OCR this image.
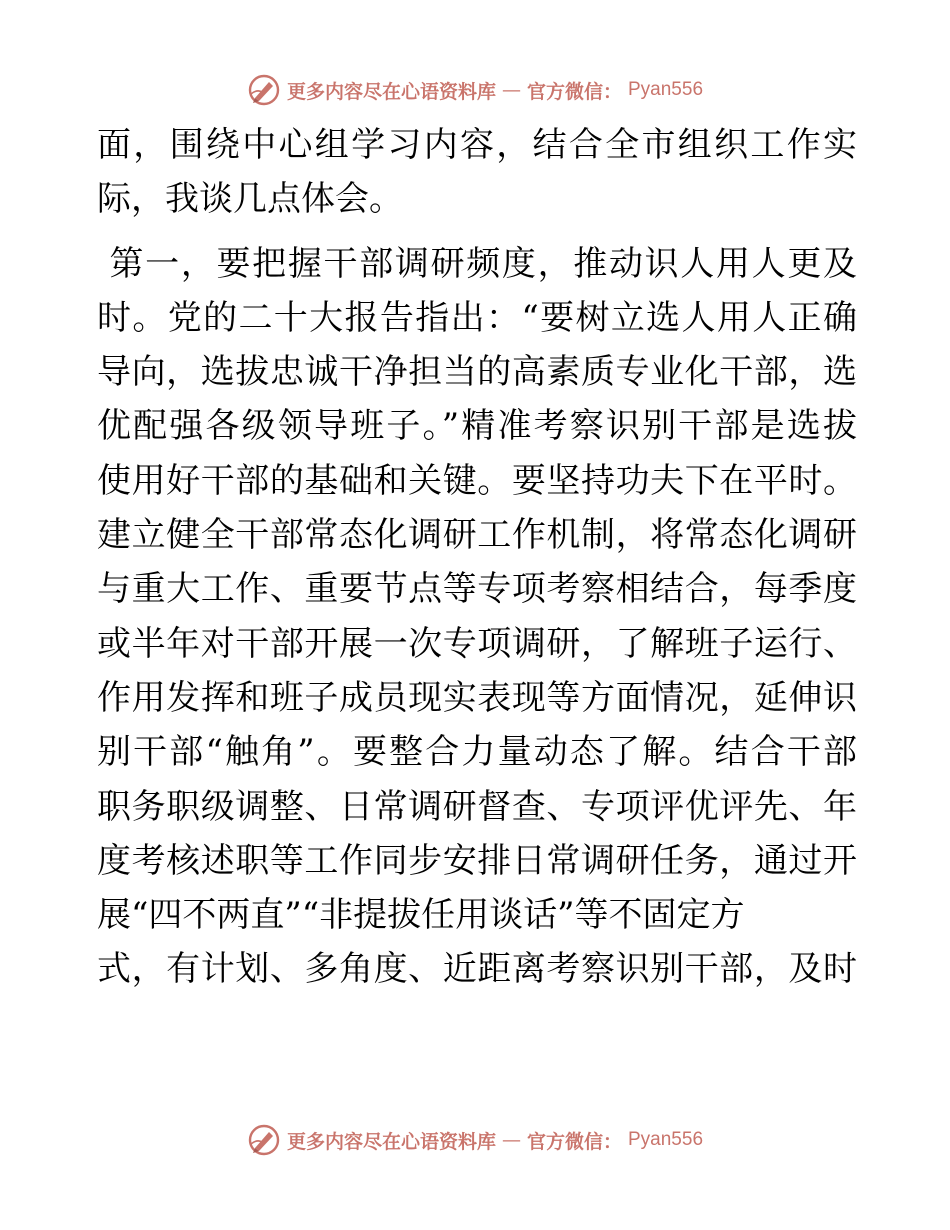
更多内容尽在心语资料库 — 官方微信： Pyan556
面，围绕中心组学习内容，结合全市组织工作实
际，我谈几点体会。
第一，要把握干部调研频度，推动识人用人更及
时。党的二十大报告指出：“要树立选人用人正确
导向，选拔忠诚干净担当的高素质专业化干部，选
优配强各级领导班子。”精准考察识别干部是选拔
使用好干部的基础和关键。要坚持功夫下在平时。
建立健全干部常态化调研工作机制，将常态化调研
与重大工作、重要节点等专项考察相结合，每季度
或半年对干部开展一次专项调研，了解班子运行、
作用发挥和班子成员现实表现等方面情况，延伸识
别干部“触角”。要整合力量动态了解。结合干部
职务职级调整、日常调研督查、专项评优评先、年
度考核述职等工作同步安排日常调研任务，通过开
展“四不两直”“非提拔任用谈话”等不固定方
式，有计划、多角度、近距离考察识别干部，及时
更多内容尽在心语资料库 — 官方微信： Pyan556
